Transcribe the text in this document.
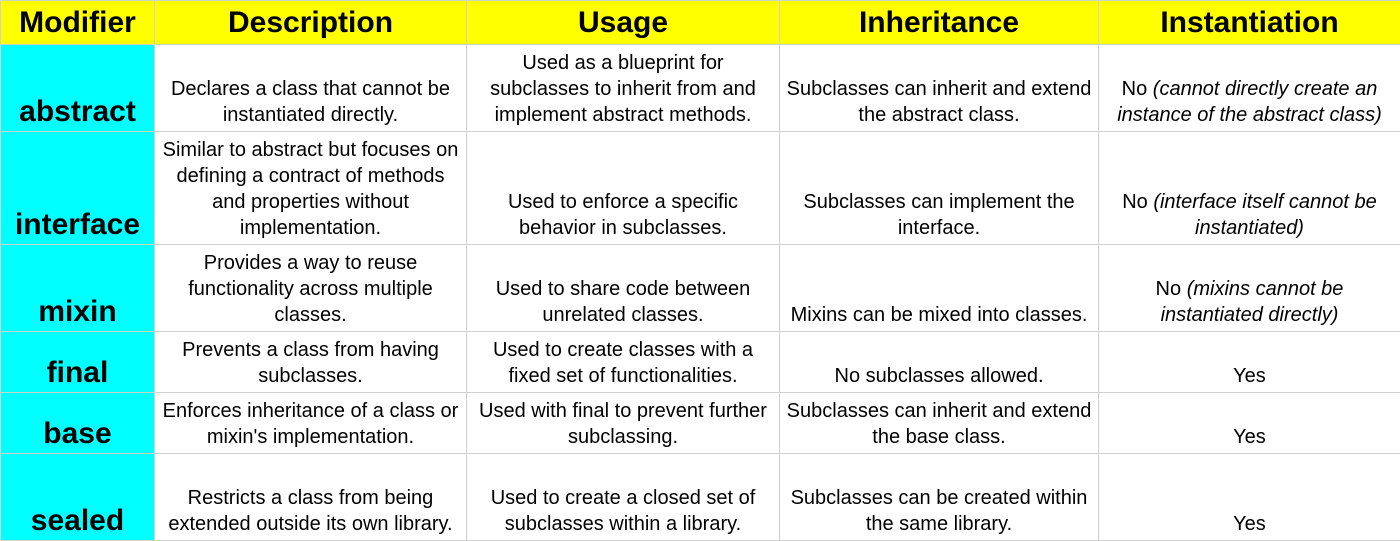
Modifier	Description	Usage	Inheritance	Instantiation
abstract	Declares a class that cannot be instantiated directly.	Used as a blueprint for subclasses to inherit from and implement abstract methods.	Subclasses can inherit and extend the abstract class.	No (cannot directly create an instance of the abstract class)
interface	Similar to abstract but focuses on defining a contract of methods and properties without implementation.	Used to enforce a specific behavior in subclasses.	Subclasses can implement the interface.	No (interface itself cannot be instantiated)
mixin	Provides a way to reuse functionality across multiple classes.	Used to share code between unrelated classes.	Mixins can be mixed into classes.	No (mixins cannot be instantiated directly)
final	Prevents a class from having subclasses.	Used to create classes with a fixed set of functionalities.	No subclasses allowed.	Yes
base	Enforces inheritance of a class or mixin's implementation.	Used with final to prevent further subclassing.	Subclasses can inherit and extend the base class.	Yes
sealed	Restricts a class from being extended outside its own library.	Used to create a closed set of subclasses within a library.	Subclasses can be created within the same library.	Yes
